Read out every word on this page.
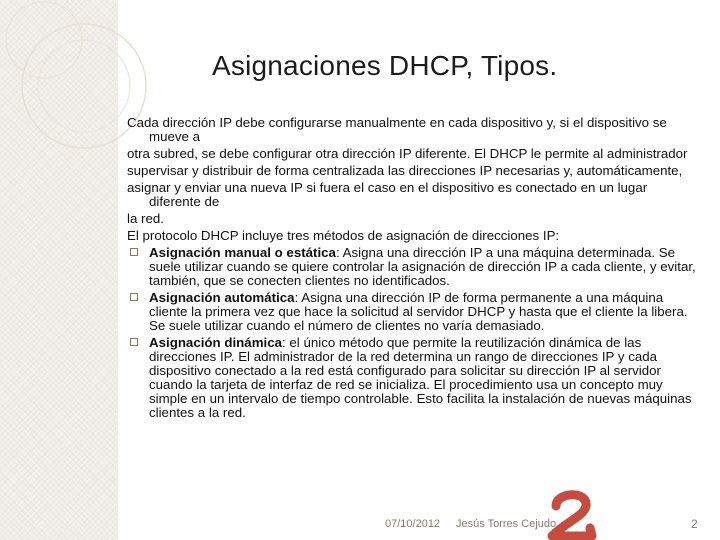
Asignaciones DHCP, Tipos.

Cada dirección IP debe configurarse manualmente en cada dispositivo y, si el dispositivo se mueve a

otra subred, se debe configurar otra dirección IP diferente. El DHCP le permite al administrador

supervisar y distribuir de forma centralizada las direcciones IP necesarias y, automáticamente,

asignar y enviar una nueva IP si fuera el caso en el dispositivo es conectado en un lugar diferente de

la red.

El protocolo DHCP incluye tres métodos de asignación de direcciones IP:

Asignación manual o estática: Asigna una dirección IP a una máquina determinada. Se suele utilizar cuando se quiere controlar la asignación de dirección IP a cada cliente, y evitar, también, que se conecten clientes no identificados.
Asignación automática: Asigna una dirección IP de forma permanente a una máquina cliente la primera vez que hace la solicitud al servidor DHCP y hasta que el cliente la libera. Se suele utilizar cuando el número de clientes no varía demasiado.
Asignación dinámica: el único método que permite la reutilización dinámica de las direcciones IP. El administrador de la red determina un rango de direcciones IP y cada dispositivo conectado a la red está configurado para solicitar su dirección IP al servidor cuando la tarjeta de interfaz de red se inicializa. El procedimiento usa un concepto muy simple en un intervalo de tiempo controlable. Esto facilita la instalación de nuevas máquinas clientes a la red.
07/10/2012 Jesús Torres Cejudo	2
